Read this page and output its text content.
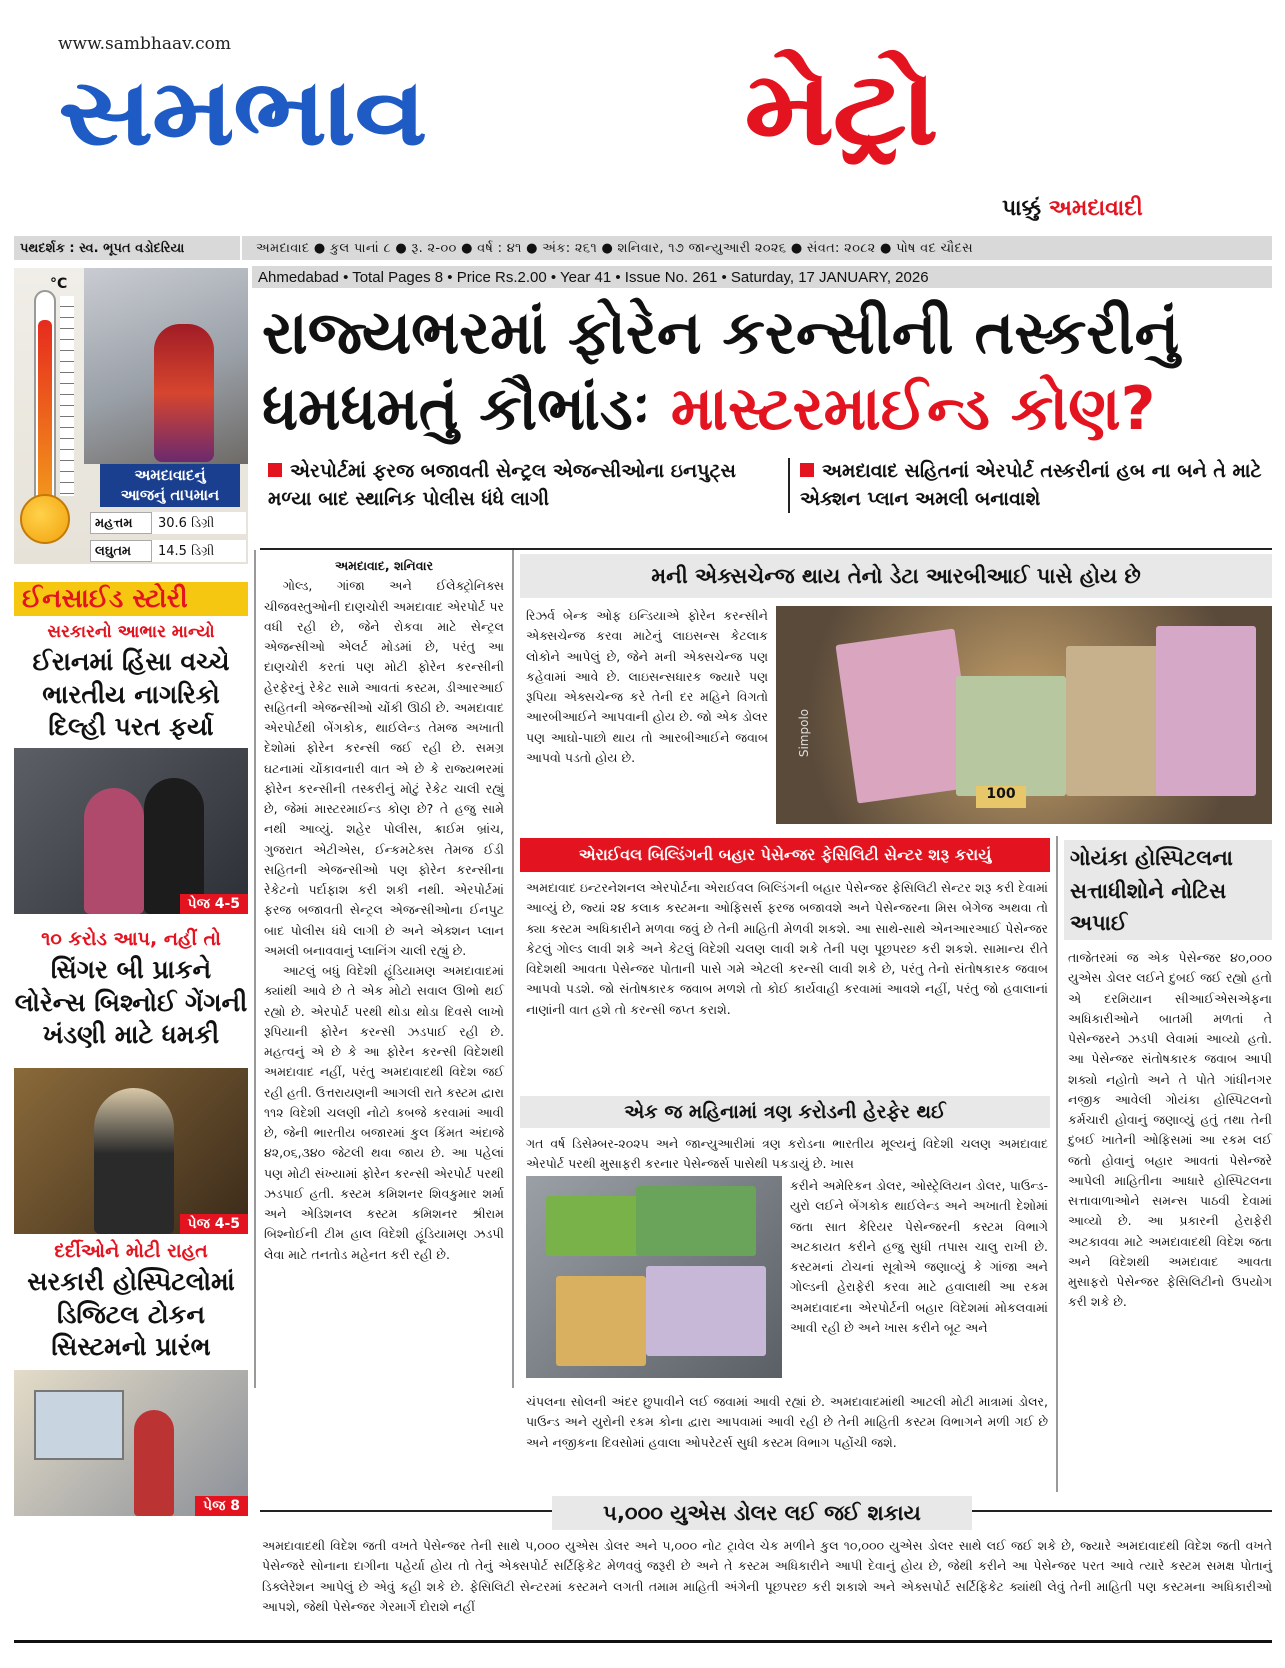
www.sambhaav.com
સમભાવ મેટ્રો
પાક્કું અમદાવાદી
પથદર્શક : સ્વ. ભૂપત વડોદરિયા	અમદાવાદ ● કુલ પાનાં ૮ ● રૂ. ૨-૦૦ ● વર્ષ : ૪૧ ● અંક: ૨૬૧ ● શનિવાર, ૧૭ જાન્યુઆરી ૨૦૨૬ ● સંવત: ૨૦૮૨ ● પોષ વદ ચૌદસ
Ahmedabad • Total Pages 8 • Price Rs.2.00 • Year 41 • Issue No. 261 • Saturday, 17 JANUARY, 2026
°C
અમદાવાદનું
આજનું તાપમાન
મહત્તમ	30.6 ડિગ્રી
લઘુતમ	14.5 ડિગ્રી
રાજ્યભરમાં ફોરેન કરન્સીની તસ્કરીનું
ધમધમતું કૌભાંડઃ માસ્ટરમાઈન્ડ કોણ?
એરપોર્ટમાં ફરજ બજાવતી સેન્ટ્રલ એજન્સીઓના ઇનપુટ્સ મળ્યા બાદ સ્થાનિક પોલીસ ધંધે લાગી
અમદાવાદ સહિતનાં એરપોર્ટ તસ્કરીનાં હબ ના બને તે માટે એક્શન પ્લાન અમલી બનાવાશે
ઈનસાઈડ સ્ટોરી
સરકારનો આભાર માન્યો
ઈરાનમાં હિંસા વચ્ચે ભારતીય નાગરિકો દિલ્હી પરત ફર્યા
પેજ 4-5
૧૦ કરોડ આપ, નહીં તો
સિંગર બી પ્રાકને લોરેન્સ બિશ્નોઈ ગેંગની ખંડણી માટે ધમકી
પેજ 4-5
દર્દીઓને મોટી રાહત
સરકારી હોસ્પિટલોમાં ડિજિટલ ટોકન સિસ્ટમનો પ્રારંભ
પેજ 8
અમદાવાદ, શનિવાર
ગોલ્ડ, ગાંજા અને ઈલેક્ટ્રોનિક્સ ચીજવસ્તુઓની દાણચોરી અમદાવાદ એરપોર્ટ પર વધી રહી છે, જેને રોકવા માટે સેન્ટ્રલ એજન્સીઓ એલર્ટ મોડમાં છે, પરંતુ આ દાણચોરી કરતાં પણ મોટી ફોરેન કરન્સીની હેરફેરનું રેકેટ સામે આવતાં કસ્ટમ, ડીઆરઆઈ સહિતની એજન્સીઓ ચોંકી ઊઠી છે. અમદાવાદ એરપોર્ટથી બેંગકોક, થાઈલેન્ડ તેમજ અખાતી દેશોમાં ફોરેન કરન્સી જઈ રહી છે. સમગ્ર ઘટનામાં ચોંકાવનારી વાત એ છે કે રાજ્યભરમાં ફોરેન કરન્સીની તસ્કરીનું મોટું રેકેટ ચાલી રહ્યું છે, જેમાં માસ્ટરમાઈન્ડ કોણ છે? તે હજુ સામે નથી આવ્યું. શહેર પોલીસ, ક્રાઈમ બ્રાંચ, ગુજરાત એટીએસ, ઈન્કમટેક્સ તેમજ ઈડી સહિતની એજન્સીઓ પણ ફોરેન કરન્સીના રેકેટનો પર્દાફાશ કરી શકી નથી. એરપોર્ટમાં ફરજ બજાવતી સેન્ટ્રલ એજન્સીઓના ઈનપુટ બાદ પોલીસ ધંધે લાગી છે અને એક્શન પ્લાન અમલી બનાવવાનું પ્લાનિંગ ચાલી રહ્યું છે.
આટલું બધું વિદેશી હૂંડિયામણ અમદાવાદમાં ક્યાંથી આવે છે તે એક મોટો સવાલ ઊભો થઈ રહ્યો છે. એરપોર્ટ પરથી થોડા થોડા દિવસે લાખો રૂપિયાની ફોરેન કરન્સી ઝડપાઈ રહી છે. મહત્વનું એ છે કે આ ફોરેન કરન્સી વિદેશથી અમદાવાદ નહીં, પરંતુ અમદાવાદથી વિદેશ જઈ રહી હતી. ઉત્તરાયણની આગલી રાતે કસ્ટમ દ્વારા ૧૧૨ વિદેશી ચલણી નોટો કબજે કરવામાં આવી છે, જેની ભારતીય બજારમાં કુલ કિંમત અંદાજે ૪૨,૦૬,૩૪૦ જેટલી થવા જાય છે. આ પહેલાં પણ મોટી સંખ્યામાં ફોરેન કરન્સી એરપોર્ટ પરથી ઝડપાઈ હતી. કસ્ટમ કમિશનર શિવકુમાર શર્મા અને એડિશનલ કસ્ટમ કમિશનર શ્રીરામ બિશ્નોઈની ટીમ હાલ વિદેશી હૂંડિયામણ ઝડપી લેવા માટે તનતોડ મહેનત કરી રહી છે.
મની એક્સચેન્જ થાય તેનો ડેટા આરબીઆઈ પાસે હોય છે
રિઝર્વ બેન્ક ઓફ ઇન્ડિયાએ ફોરેન કરન્સીને એક્સચેન્જ કરવા માટેનું લાઇસન્સ કેટલાક લોકોને આપેલું છે, જેને મની એક્સચેન્જ પણ કહેવામાં આવે છે. લાઇસન્સધારક જ્યારે પણ રૂપિયા એક્સચેન્જ કરે તેની દર મહિને વિગતો આરબીઆઈને આપવાની હોય છે. જો એક ડોલર પણ આઘો-પાછો થાય તો આરબીઆઈને જવાબ આપવો પડતો હોય છે.
100
Simpolo
એરાઈવલ બિલ્ડિંગની બહાર પેસેન્જર ફેસિલિટી સેન્ટર શરૂ કરાયું
અમદાવાદ ઇન્ટરનેશનલ એરપોર્ટના એરાઈવલ બિલ્ડિંગની બહાર પેસેન્જર ફેસિલિટી સેન્ટર શરૂ કરી દેવામાં આવ્યું છે, જ્યાં ૨૪ કલાક કસ્ટમના ઓફિસર્સ ફરજ બજાવશે અને પેસેન્જરના મિસ બેગેજ અથવા તો ક્યા કસ્ટમ અધિકારીને મળવા જવું છે તેની માહિતી મેળવી શકશે. આ સાથે-સાથે એનઆરઆઈ પેસેન્જર કેટલું ગોલ્ડ લાવી શકે અને કેટલું વિદેશી ચલણ લાવી શકે તેની પણ પૂછપરછ કરી શકશે. સામાન્ય રીતે વિદેશથી આવતા પેસેન્જર પોતાની પાસે ગમે એટલી કરન્સી લાવી શકે છે, પરંતુ તેનો સંતોષકારક જવાબ આપવો પડશે. જો સંતોષકારક જવાબ મળશે તો કોઈ કાર્યવાહી કરવામાં આવશે નહીં, પરંતુ જો હવાલાનાં નાણાંની વાત હશે તો કરન્સી જપ્ત કરાશે.
એક જ મહિનામાં ત્રણ કરોડની હેરફેર થઈ
ગત વર્ષ ડિસેમ્બર-૨૦૨૫ અને જાન્યુઆરીમાં ત્રણ કરોડના ભારતીય મૂલ્યનું વિદેશી ચલણ અમદાવાદ એરપોર્ટ પરથી મુસાફરી કરનાર પેસેન્જર્સ પાસેથી પકડાયું છે. ખાસ
કરીને અમેરિકન ડોલર, ઓસ્ટ્રેલિયન ડોલર, પાઉન્ડ-યુરો લઈને બેંગકોક થાઈલેન્ડ અને અખાતી દેશોમાં જતા સાત કેરિયર પેસેન્જરની કસ્ટમ વિભાગે અટકાયત કરીને હજુ સુધી તપાસ ચાલુ રાખી છે. કસ્ટમનાં ટોચનાં સૂત્રોએ જણાવ્યું કે ગાંજા અને ગોલ્ડની હેરાફેરી કરવા માટે હવાલાથી આ રકમ અમદાવાદના એરપોર્ટની બહાર વિદેશમાં મોકલવામાં આવી રહી છે અને ખાસ કરીને બૂટ અને
ચંપલના સોલની અંદર છુપાવીને લઈ જવામાં આવી રહ્યાં છે. અમદાવાદમાંથી આટલી મોટી માત્રામાં ડોલર, પાઉન્ડ અને યુરોની રકમ કોના દ્વારા આપવામાં આવી રહી છે તેની માહિતી કસ્ટમ વિભાગને મળી ગઈ છે અને નજીકના દિવસોમાં હવાલા ઓપરેટર્સ સુધી કસ્ટમ વિભાગ પહોંચી જશે.
ગોયંકા હોસ્પિટલના સત્તાધીશોને નોટિસ અપાઈ
તાજેતરમાં જ એક પેસેન્જર ૪૦,૦૦૦ યુએસ ડોલર લઈને દુબઈ જઈ રહ્યો હતો એ દરમિયાન સીઆઈએસએફના અધિકારીઓને બાતમી મળતાં તે પેસેન્જરને ઝડપી લેવામાં આવ્યો હતો. આ પેસેન્જર સંતોષકારક જવાબ આપી શક્યો નહોતો અને તે પોતે ગાંધીનગર નજીક આવેલી ગોયંકા હોસ્પિટલનો કર્મચારી હોવાનું જણાવ્યું હતું તથા તેની દુબઈ ખાતેની ઓફિસમાં આ રકમ લઈ જતો હોવાનું બહાર આવતાં પેસેન્જરે આપેલી માહિતીના આધારે હોસ્પિટલના સત્તાવાળાઓને સમન્સ પાઠવી દેવામાં આવ્યો છે. આ પ્રકારની હેરાફેરી અટકાવવા માટે અમદાવાદથી વિદેશ જતા અને વિદેશથી અમદાવાદ આવતા મુસાફરો પેસેન્જર ફેસિલિટીનો ઉપયોગ કરી શકે છે.
૫,૦૦૦ યુએસ ડોલર લઈ જઈ શકાય
અમદાવાદથી વિદેશ જતી વખતે પેસેન્જર તેની સાથે ૫,૦૦૦ યુએસ ડોલર અને ૫,૦૦૦ નોટ ટ્રાવેલ ચેક મળીને કુલ ૧૦,૦૦૦ યુએસ ડોલર સાથે લઈ જઈ શકે છે, જ્યારે અમદાવાદથી વિદેશ જતી વખતે પેસેન્જરે સોનાના દાગીના પહેર્યા હોય તો તેનું એક્સપોર્ટ સર્ટિફિકેટ મેળવવું જરૂરી છે અને તે કસ્ટમ અધિકારીને આપી દેવાનું હોય છે, જેથી કરીને આ પેસેન્જર પરત આવે ત્યારે કસ્ટમ સમક્ષ પોતાનું ડિક્લેરેશન આપેલું છે એવું કહી શકે છે. ફેસિલિટી સેન્ટરમાં કસ્ટમને લગતી તમામ માહિતી અંગેની પૂછપરછ કરી શકાશે અને એક્સપોર્ટ સર્ટિફિકેટ ક્યાંથી લેવું તેની માહિતી પણ કસ્ટમના અધિકારીઓ આપશે, જેથી પેસેન્જર ગેરમાર્ગે દોરાશે નહીં
